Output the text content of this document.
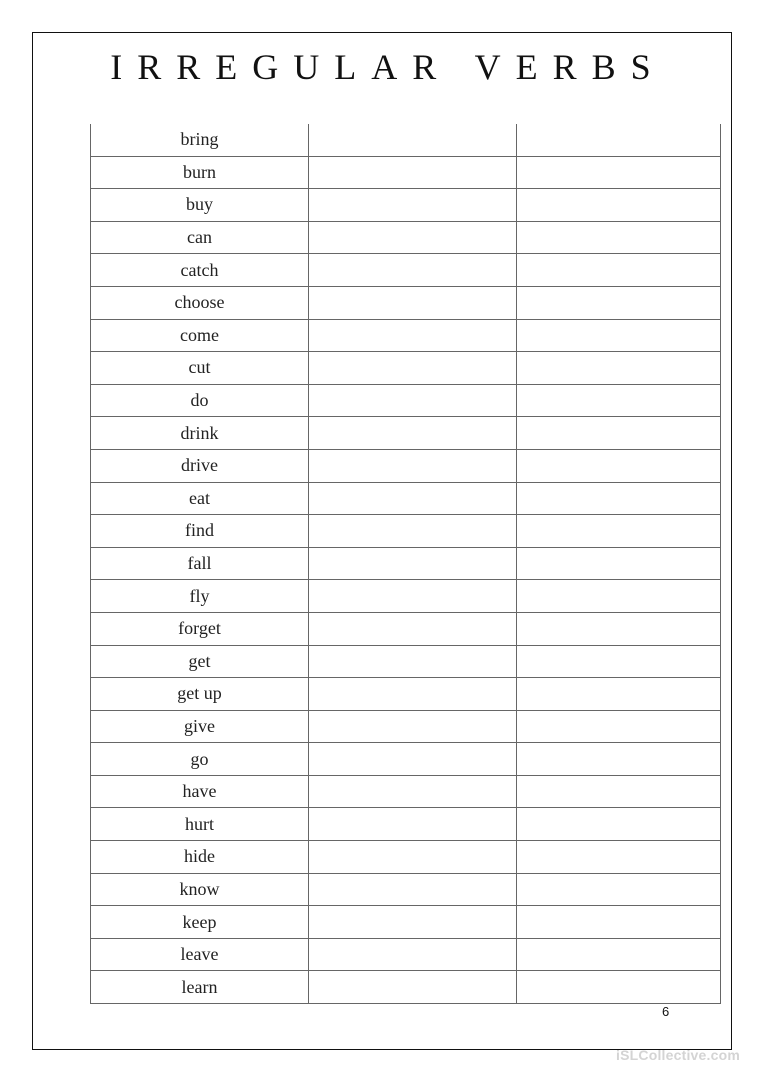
IRREGULAR VERBS
bring		
burn		
buy		
can		
catch		
choose		
come		
cut		
do		
drink		
drive		
eat		
find		
fall		
fly		
forget		
get		
get up		
give		
go		
have		
hurt		
hide		
know		
keep		
leave		
learn		
6
iSLCollective.com
